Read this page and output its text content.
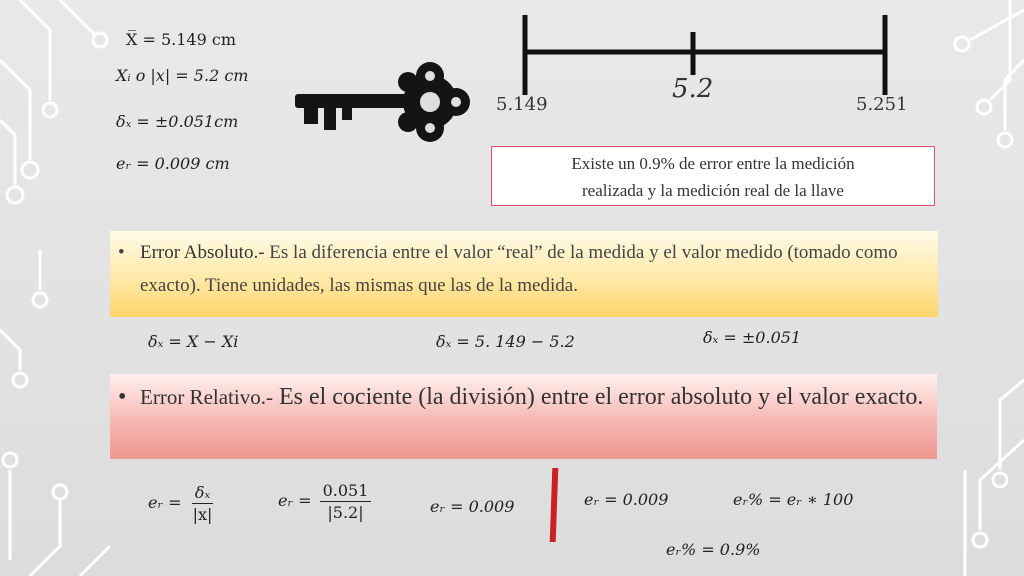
X̅ = 5.149 cm
Xᵢ o |x| = 5.2 cm
δₓ = ±0.051cm
eᵣ = 0.009 cm
5.149
5.2
5.251
Existe un 0.9% de error entre la medición
realizada y la medición real de la llave
• Error Absoluto.- Es la diferencia entre el valor “real” de la medida y el valor medido (tomado como exacto). Tiene unidades, las mismas que las de la medida.
δₓ = X − Xi	δₓ = 5. 149 − 5.2	δₓ = ±0.051
• Error Relativo.- Es el cociente (la división) entre el error absoluto y el valor exacto.
eᵣ = $\frac{\text{δₓ}}{|x|}$	eᵣ = $\frac{0.051}{|5.2|}$	eᵣ = 0.009	eᵣ = 0.009	eᵣ% = eᵣ ∗ 100
eᵣ% = 0.9%
